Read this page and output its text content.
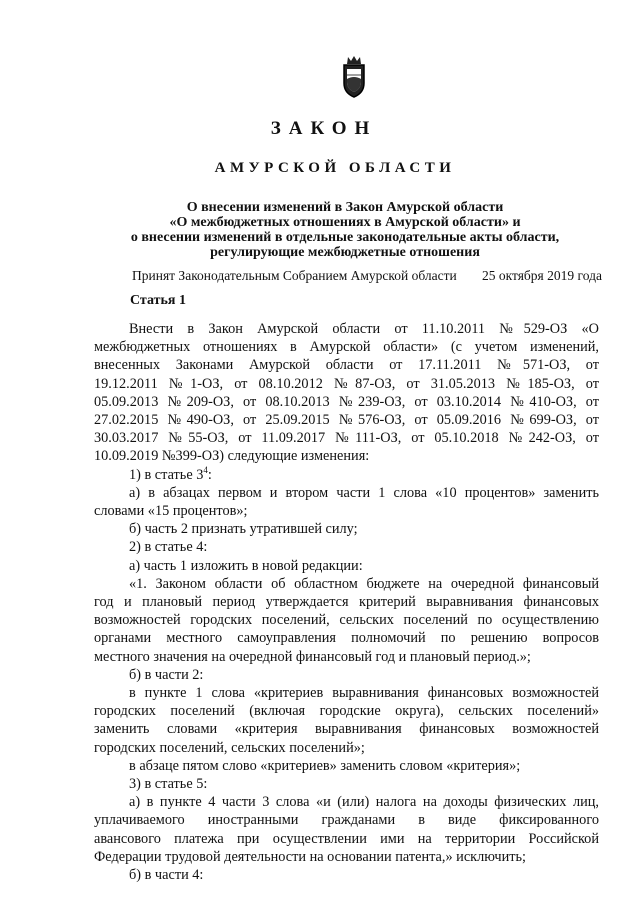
ЗАКОН
АМУРСКОЙ ОБЛАСТИ
О внесении изменений в Закон Амурской области
«О межбюджетных отношениях в Амурской области» и
о внесении изменений в отдельные законодательные акты области,
регулирующие межбюджетные отношения
Принят Законодательным Собранием Амурской области 25 октября 2019 года
Статья 1

Внести в Закон Амурской области от 11.10.2011 №529-ОЗ «О

межбюджетных отношениях в Амурской области» (с учетом изменений,

внесенных Законами Амурской области от 17.11.2011 №571-ОЗ, от

19.12.2011 №1-ОЗ, от 08.10.2012 №87-ОЗ, от 31.05.2013 №185-ОЗ, от

05.09.2013 №209-ОЗ, от 08.10.2013 №239-ОЗ, от 03.10.2014 №410-ОЗ, от

27.02.2015 №490-ОЗ, от 25.09.2015 №576-ОЗ, от 05.09.2016 №699-ОЗ, от

30.03.2017 №55-ОЗ, от 11.09.2017 №111-ОЗ, от 05.10.2018 №242-ОЗ, от

10.09.2019 №399-ОЗ) следующие изменения:

1) в статье $3^4$:

а) в абзацах первом и втором части 1 слова «10 процентов» заменить

словами «15 процентов»;

б) часть 2 признать утратившей силу;

2) в статье 4:

а) часть 1 изложить в новой редакции:

«1. Законом области об областном бюджете на очередной финансовый

год и плановый период утверждается критерий выравнивания финансовых

возможностей городских поселений, сельских поселений по осуществлению

органами местного самоуправления полномочий по решению вопросов

местного значения на очередной финансовый год и плановый период.»;

б) в части 2:

в пункте 1 слова «критериев выравнивания финансовых возможностей

городских поселений (включая городские округа), сельских поселений»

заменить словами «критерия выравнивания финансовых возможностей

городских поселений, сельских поселений»;

в абзаце пятом слово «критериев» заменить словом «критерия»;

3) в статье 5:

а) в пункте 4 части 3 слова «и (или) налога на доходы физических лиц,

уплачиваемого иностранными гражданами в виде фиксированного

авансового платежа при осуществлении ими на территории Российской

Федерации трудовой деятельности на основании патента,» исключить;

б) в части 4:
